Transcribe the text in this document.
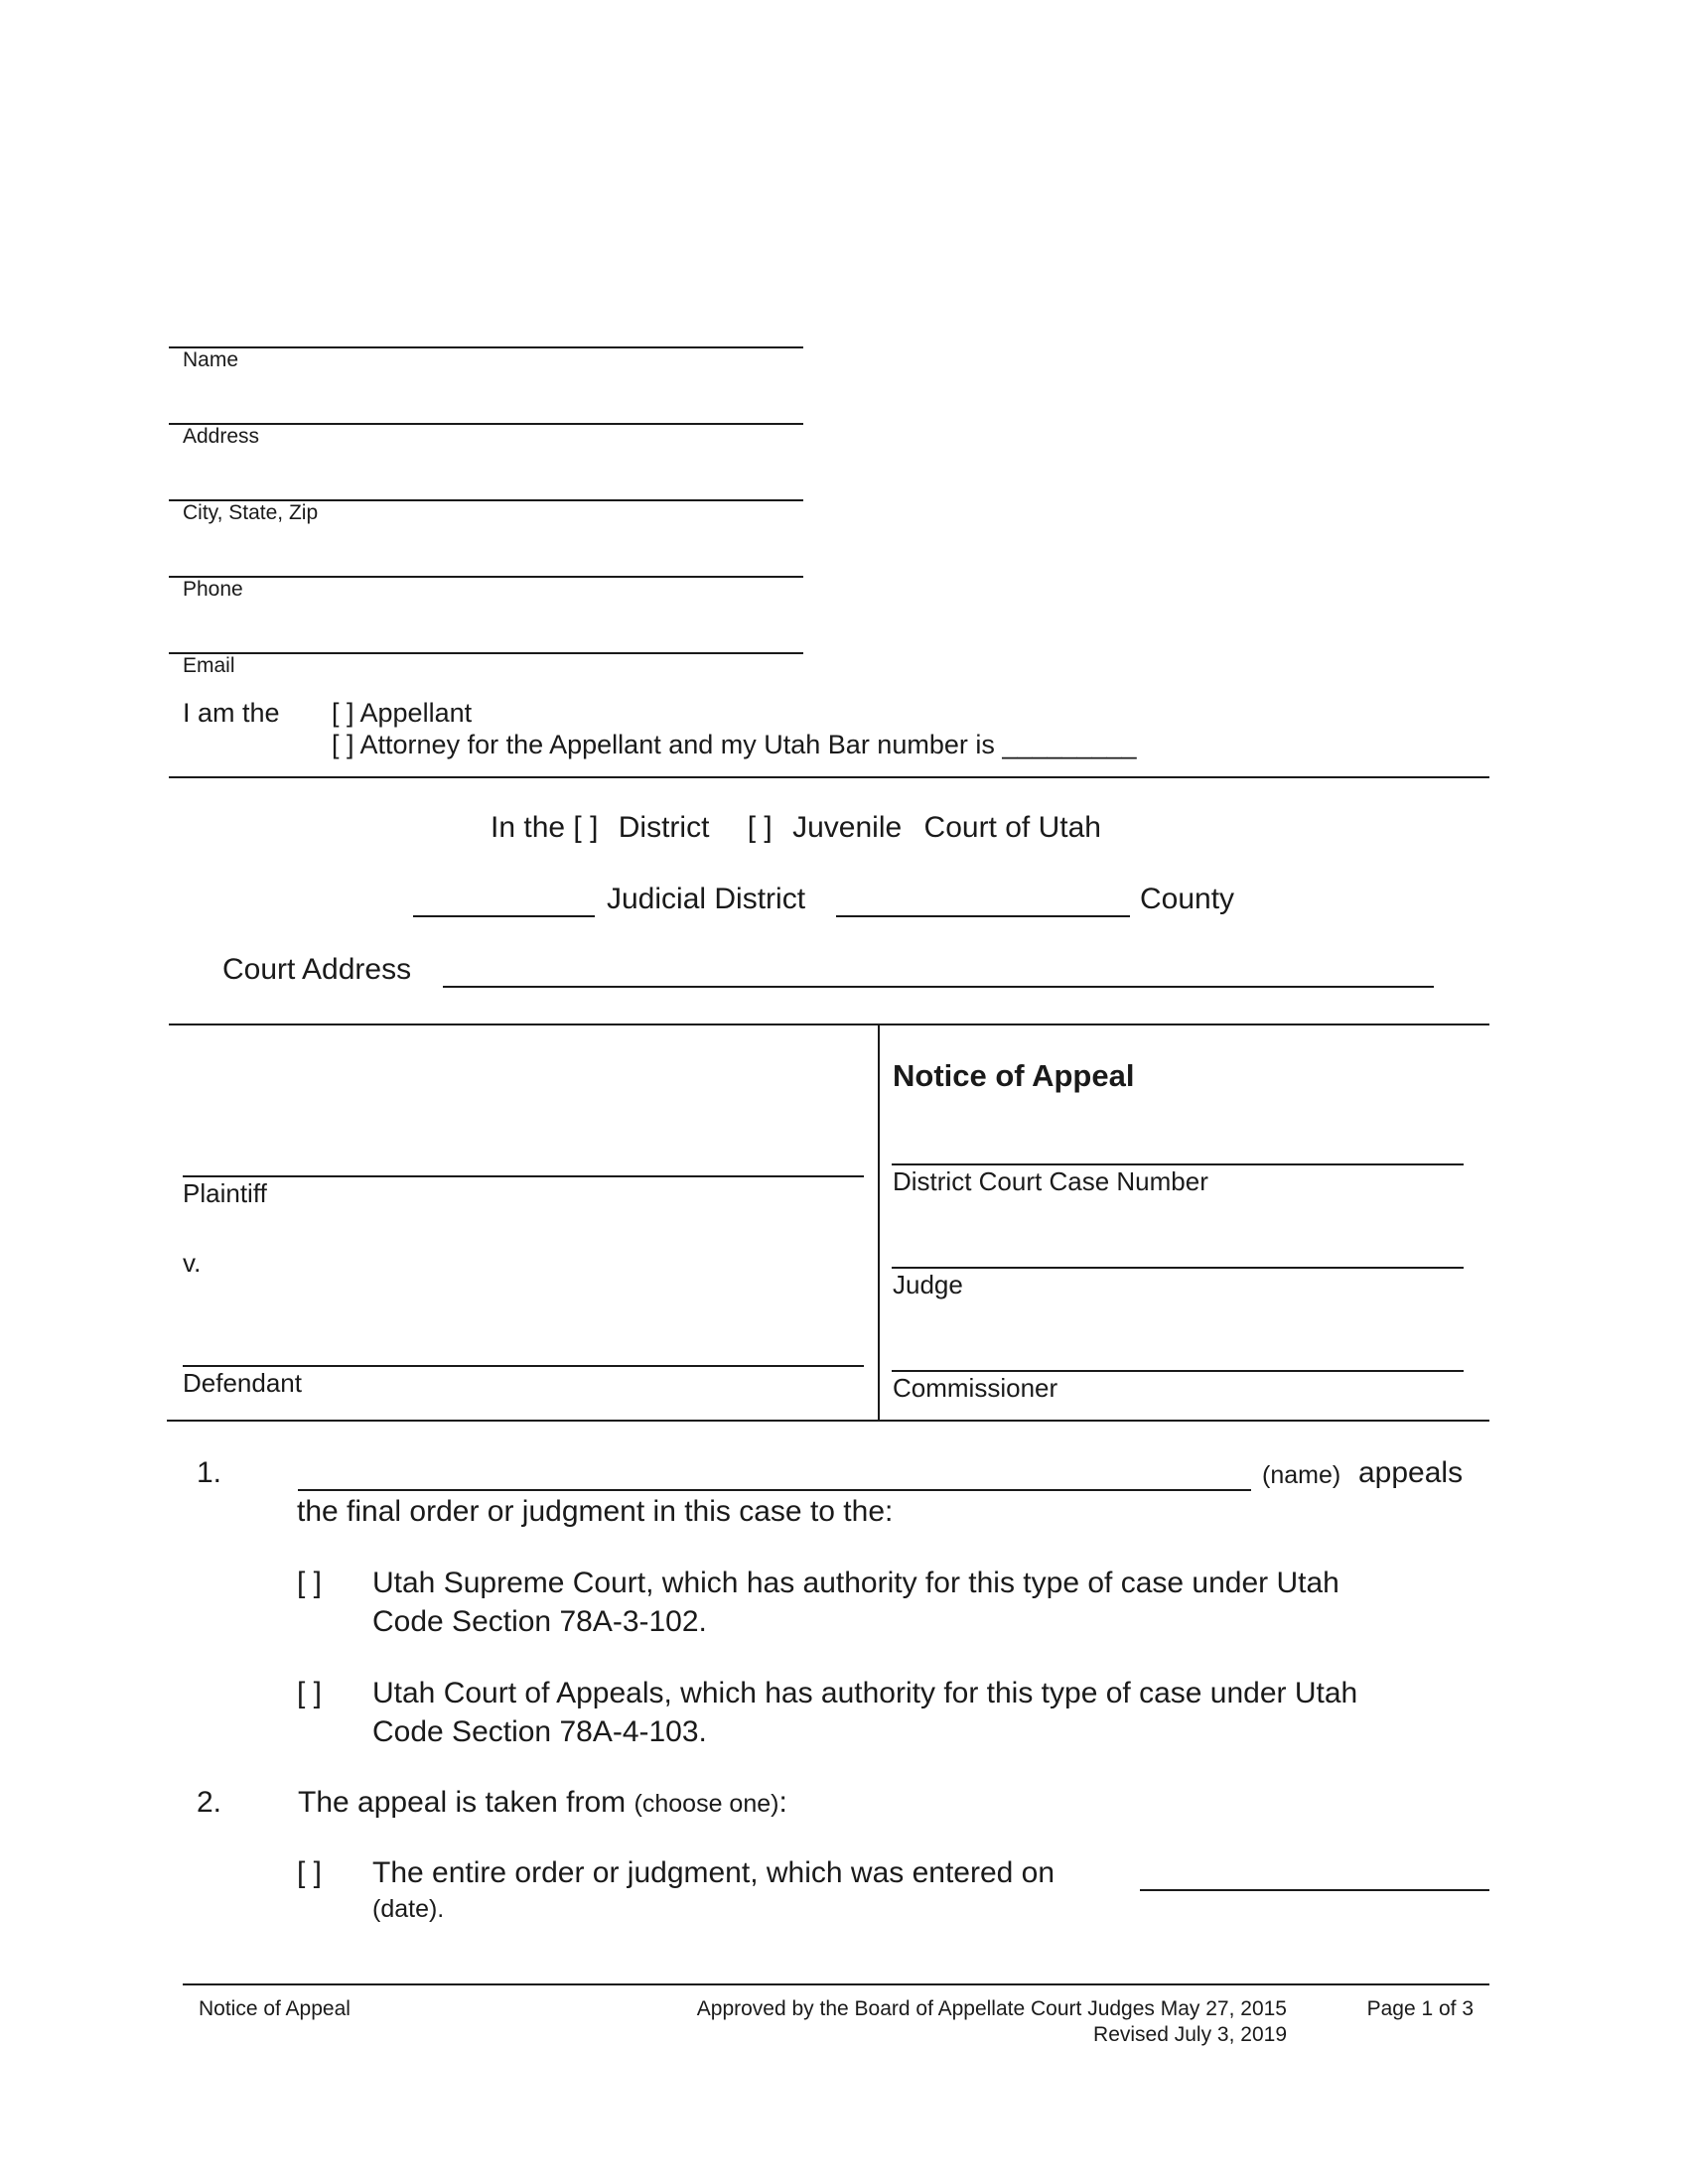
Name
Address
City, State, Zip
Phone
Email
I am the [ ] Appellant
[ ] Attorney for the Appellant and my Utah Bar number is _________
In the [ ] District [ ] Juvenile Court of Utah
Judicial District	County
Court Address
Plaintiff
v.
Defendant
Notice of Appeal
District Court Case Number
Judge
Commissioner
1.	(name) appeals
the final order or judgment in this case to the:
[ ] Utah Supreme Court, which has authority for this type of case under Utah
Code Section 78A-3-102.
[ ] Utah Court of Appeals, which has authority for this type of case under Utah
Code Section 78A-4-103.
2.	The appeal is taken from (choose one):
[ ] The entire order or judgment, which was entered on
(date).
Notice of Appeal	Approved by the Board of Appellate Court Judges May 27, 2015
Revised July 3, 2019
Page 1 of 3
